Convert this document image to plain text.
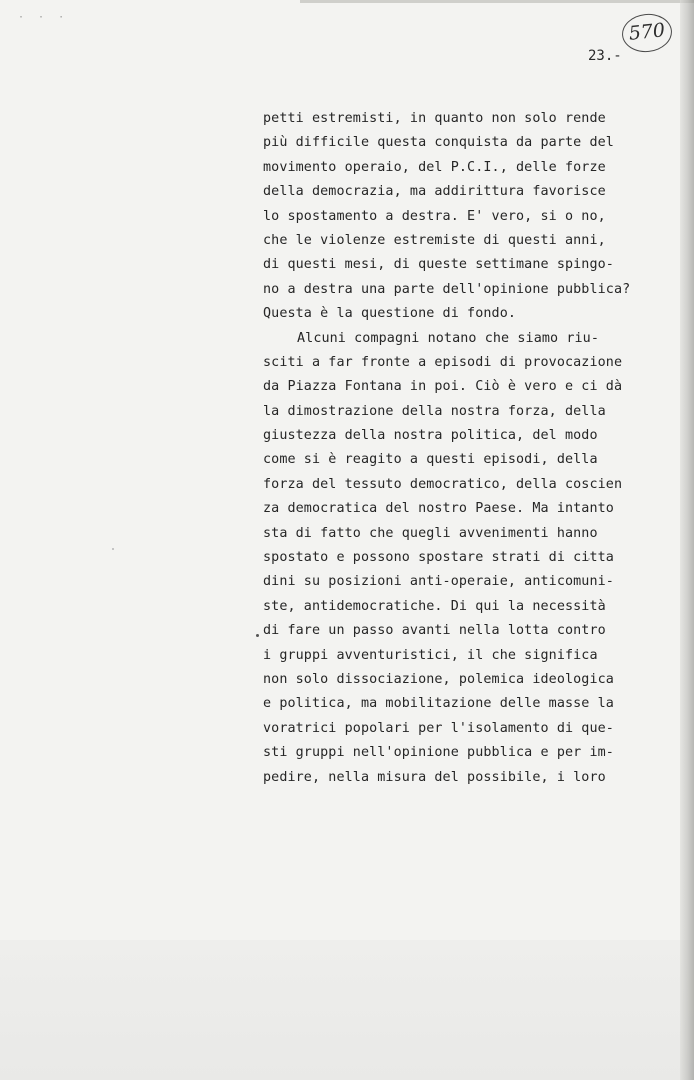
· · ·
570
23.-
petti estremisti, in quanto non solo rende
più difficile questa conquista da parte del
movimento operaio, del P.C.I., delle forze
della democrazia, ma addirittura favorisce
lo spostamento a destra. E' vero, si o no,
che le violenze estremiste di questi anni,
di questi mesi, di queste settimane spingo-
no a destra una parte dell'opinione pubblica?
Questa è la questione di fondo.
Alcuni compagni notano che siamo riu-
sciti a far fronte a episodi di provocazione
da Piazza Fontana in poi. Ciò è vero e ci dà
la dimostrazione della nostra forza, della
giustezza della nostra politica, del modo
come si è reagito a questi episodi, della
forza del tessuto democratico, della coscien
za democratica del nostro Paese. Ma intanto
sta di fatto che quegli avvenimenti hanno
spostato e possono spostare strati di citta
dini su posizioni anti-operaie, anticomuni-
ste, antidemocratiche. Di qui la necessità
di fare un passo avanti nella lotta contro
i gruppi avventuristici, il che significa
non solo dissociazione, polemica ideologica
e politica, ma mobilitazione delle masse la
voratrici popolari per l'isolamento di que-
sti gruppi nell'opinione pubblica e per im-
pedire, nella misura del possibile, i loro
